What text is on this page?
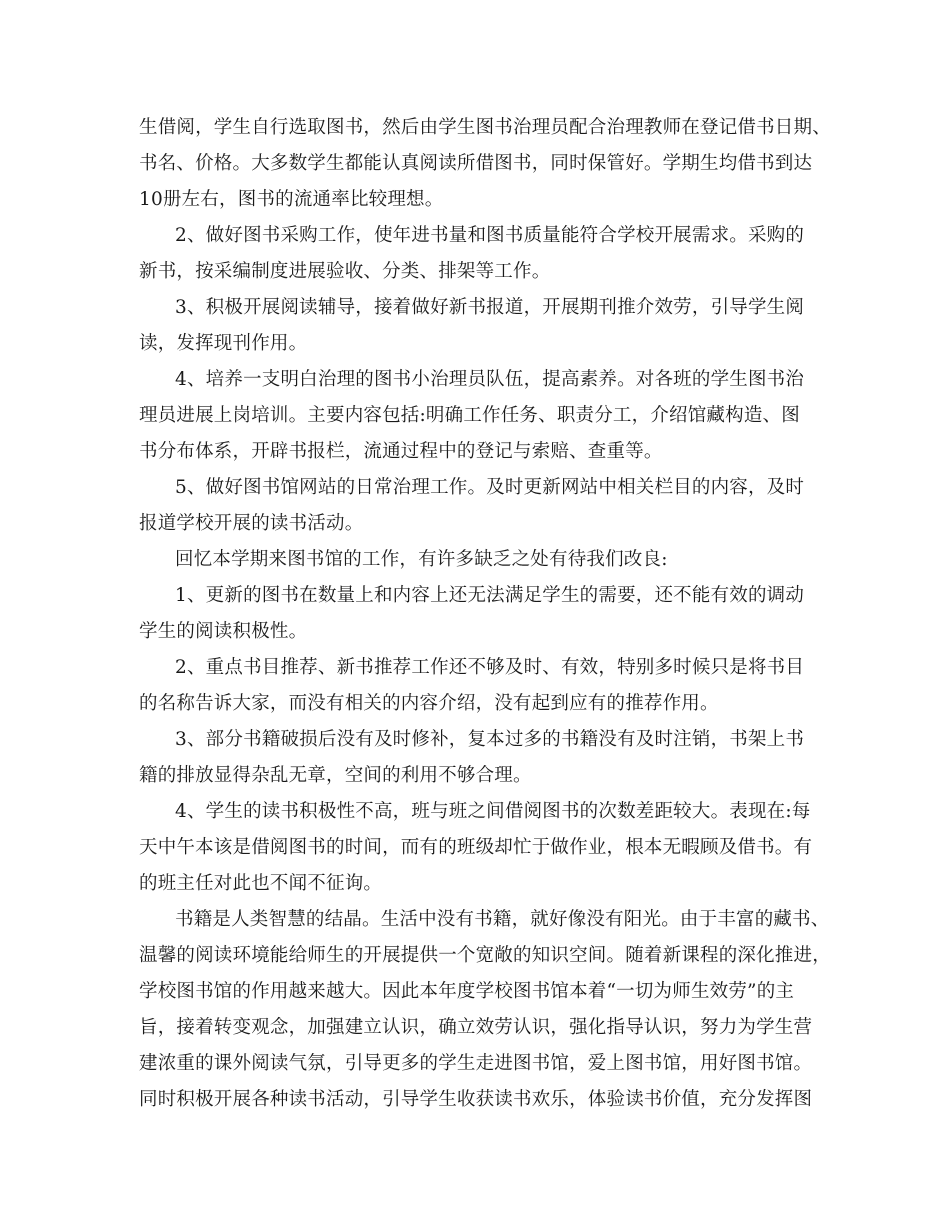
生借阅，学生自行选取图书，然后由学生图书治理员配合治理教师在登记借书日期、
书名、价格。大多数学生都能认真阅读所借图书，同时保管好。学期生均借书到达
10册左右，图书的流通率比较理想。
2、做好图书采购工作，使年进书量和图书质量能符合学校开展需求。采购的
新书，按采编制度进展验收、分类、排架等工作。
3、积极开展阅读辅导，接着做好新书报道，开展期刊推介效劳，引导学生阅
读，发挥现刊作用。
4、培养一支明白治理的图书小治理员队伍，提高素养。对各班的学生图书治
理员进展上岗培训。主要内容包括:明确工作任务、职责分工，介绍馆藏构造、图
书分布体系，开辟书报栏，流通过程中的登记与索赔、查重等。
5、做好图书馆网站的日常治理工作。及时更新网站中相关栏目的内容，及时
报道学校开展的读书活动。
回忆本学期来图书馆的工作，有许多缺乏之处有待我们改良:
1、更新的图书在数量上和内容上还无法满足学生的需要，还不能有效的调动
学生的阅读积极性。
2、重点书目推荐、新书推荐工作还不够及时、有效，特别多时候只是将书目
的名称告诉大家，而没有相关的内容介绍，没有起到应有的推荐作用。
3、部分书籍破损后没有及时修补，复本过多的书籍没有及时注销，书架上书
籍的排放显得杂乱无章，空间的利用不够合理。
4、学生的读书积极性不高，班与班之间借阅图书的次数差距较大。表现在:每
天中午本该是借阅图书的时间，而有的班级却忙于做作业，根本无暇顾及借书。有
的班主任对此也不闻不征询。
书籍是人类智慧的结晶。生活中没有书籍，就好像没有阳光。由于丰富的藏书、
温馨的阅读环境能给师生的开展提供一个宽敞的知识空间。随着新课程的深化推进，
学校图书馆的作用越来越大。因此本年度学校图书馆本着“一切为师生效劳”的主
旨，接着转变观念，加强建立认识，确立效劳认识，强化指导认识，努力为学生营
建浓重的课外阅读气氛，引导更多的学生走进图书馆，爱上图书馆，用好图书馆。
同时积极开展各种读书活动，引导学生收获读书欢乐，体验读书价值，充分发挥图
